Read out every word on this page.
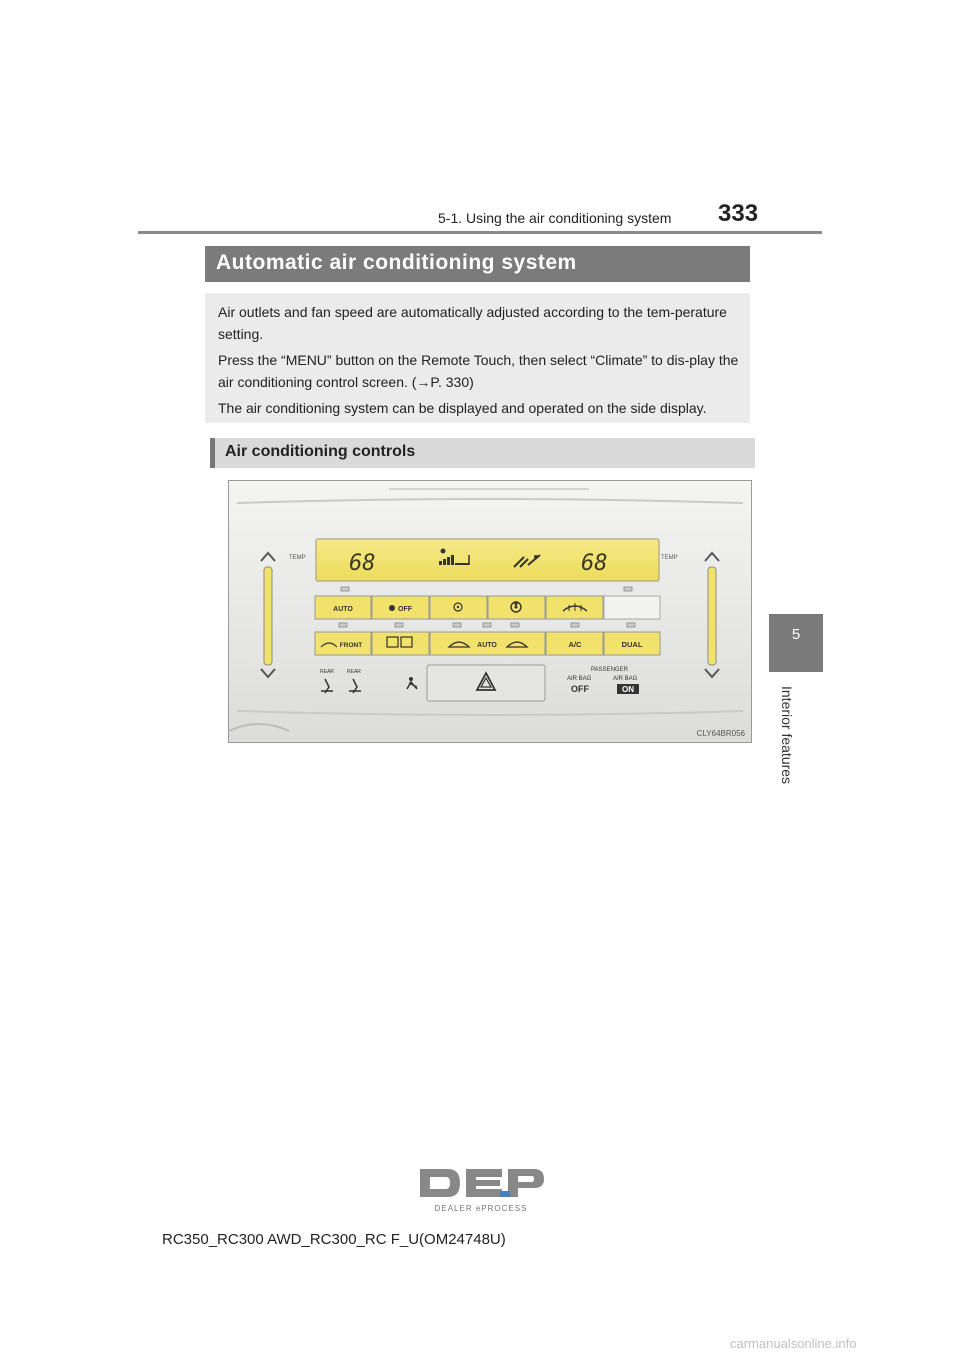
5-1. Using the air conditioning system 333
5
Interior features
Automatic air conditioning system

Air outlets and fan speed are automatically adjusted according to the tem-perature setting.

Press the “MENU” button on the Remote Touch, then select “Climate” to dis-play the air conditioning control screen. (→P. 330)

The air conditioning system can be displayed and operated on the side display.

Air conditioning controls
TEMP	TEMP
68	68
AUTO	OFF
FRONT	AUTO	A/C	DUAL
REAR	REAR	PASSENGER
AIR BAG	AIR BAG
OFF	ON
CLY64BR056
DEALER ePROCESS
RC350_RC300 AWD_RC300_RC F_U(OM24748U)
carmanualsonline.info
